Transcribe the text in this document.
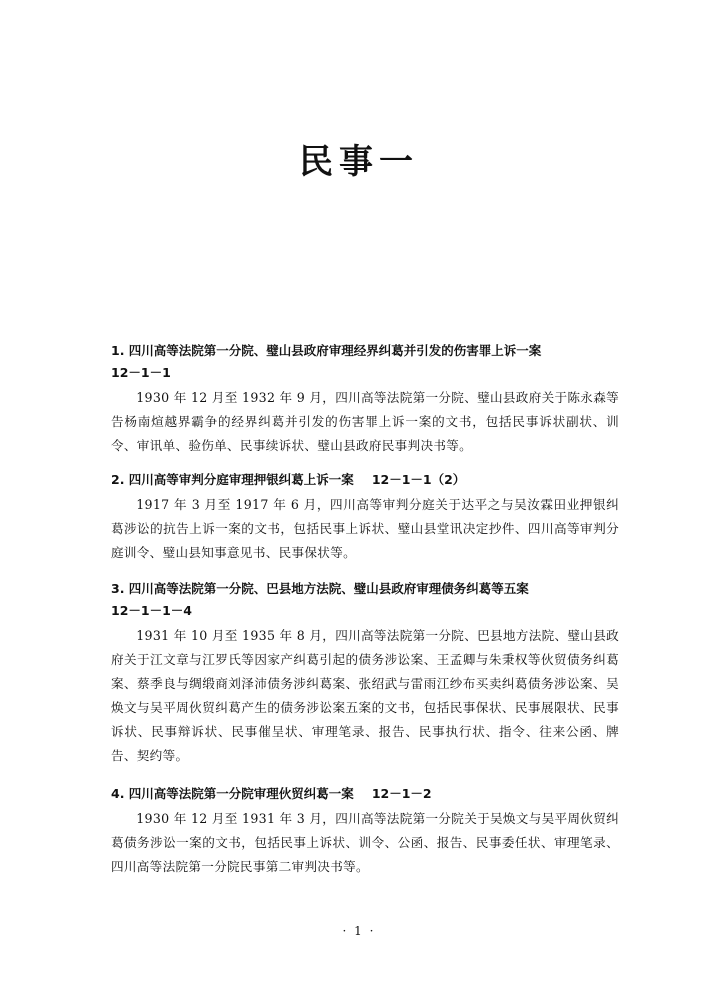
民事一

1. 四川高等法院第一分院、璧山县政府审理经界纠葛并引发的伤害罪上诉一案

12－1－1

1930 年 12 月至 1932 年 9 月，四川高等法院第一分院、璧山县政府关于陈永森等告杨南煊越界霸争的经界纠葛并引发的伤害罪上诉一案的文书，包括民事诉状副状、训令、审讯单、验伤单、民事续诉状、璧山县政府民事判决书等。

2. 四川高等审判分庭审理押银纠葛上诉一案 12－1－1（2）

1917 年 3 月至 1917 年 6 月，四川高等审判分庭关于达平之与吴汝霖田业押银纠葛涉讼的抗告上诉一案的文书，包括民事上诉状、璧山县堂讯决定抄件、四川高等审判分庭训令、璧山县知事意见书、民事保状等。

3. 四川高等法院第一分院、巴县地方法院、璧山县政府审理债务纠葛等五案

12－1－1－4

1931 年 10 月至 1935 年 8 月，四川高等法院第一分院、巴县地方法院、璧山县政府关于江文章与江罗氏等因家产纠葛引起的债务涉讼案、王孟卿与朱秉权等伙贸债务纠葛案、蔡季良与绸缎商刘泽沛债务涉纠葛案、张绍武与雷雨江纱布买卖纠葛债务涉讼案、吴焕文与吴平周伙贸纠葛产生的债务涉讼案五案的文书，包括民事保状、民事展限状、民事诉状、民事辩诉状、民事催呈状、审理笔录、报告、民事执行状、指令、往来公函、牌告、契约等。

4. 四川高等法院第一分院审理伙贸纠葛一案 12－1－2

1930 年 12 月至 1931 年 3 月，四川高等法院第一分院关于吴焕文与吴平周伙贸纠葛债务涉讼一案的文书，包括民事上诉状、训令、公函、报告、民事委任状、审理笔录、四川高等法院第一分院民事第二审判决书等。

· 1 ·
